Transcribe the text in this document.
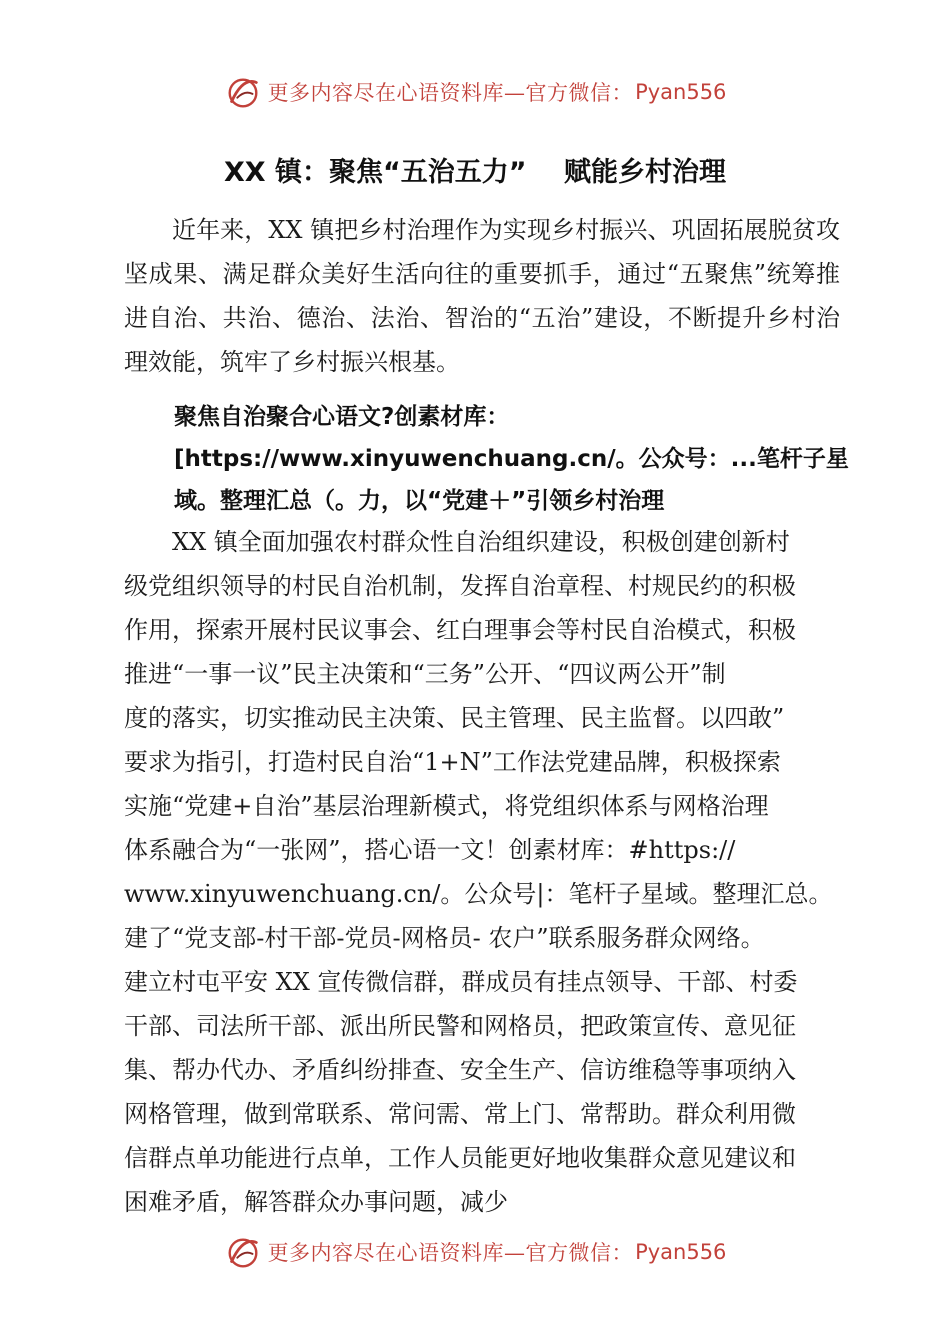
更多内容尽在心语资料库—官方微信： Pyan556
XX 镇：聚焦“五治五力”    赋能乡村治理

近年来，XX 镇把乡村治理作为实现乡村振兴、巩固拓展脱贫攻坚成果、满足群众美好生活向往的重要抓手，通过“五聚焦”统筹推进自治、共治、德治、法治、智治的“五治”建设，不断提升乡村治理效能，筑牢了乡村振兴根基。

聚焦自治聚合心语文?创素材库：[https://www.xinyuwenchuang.cn/。公众号：...笔杆子星域。整理汇总（。力，以“党建＋”引领乡村治理

XX 镇全面加强农村群众性自治组织建设，积极创建创新村
级党组织领导的村民自治机制，发挥自治章程、村规民约的积极
作用，探索开展村民议事会、红白理事会等村民自治模式，积极
推进“一事一议”民主决策和“三务”公开、“四议两公开”制
度的落实，切实推动民主决策、民主管理、民主监督。以四敢”
要求为指引，打造村民自治“1+N”工作法党建品牌，积极探索
实施“党建+自治”基层治理新模式，将党组织体系与网格治理
体系融合为“一张网”，搭心语一文！创素材库：#https://
www.xinyuwenchuang.cn/。公众号|：笔杆子星域。整理汇总。
建了“党支部-村干部-党员-网格员- 农户”联系服务群众网络。
建立村屯平安 XX 宣传微信群，群成员有挂点领导、干部、村委
干部、司法所干部、派出所民警和网格员，把政策宣传、意见征
集、帮办代办、矛盾纠纷排查、安全生产、信访维稳等事项纳入
网格管理，做到常联系、常问需、常上门、常帮助。群众利用微
信群点单功能进行点单，工作人员能更好地收集群众意见建议和
困难矛盾，解答群众办事问题，减少
更多内容尽在心语资料库—官方微信： Pyan556
